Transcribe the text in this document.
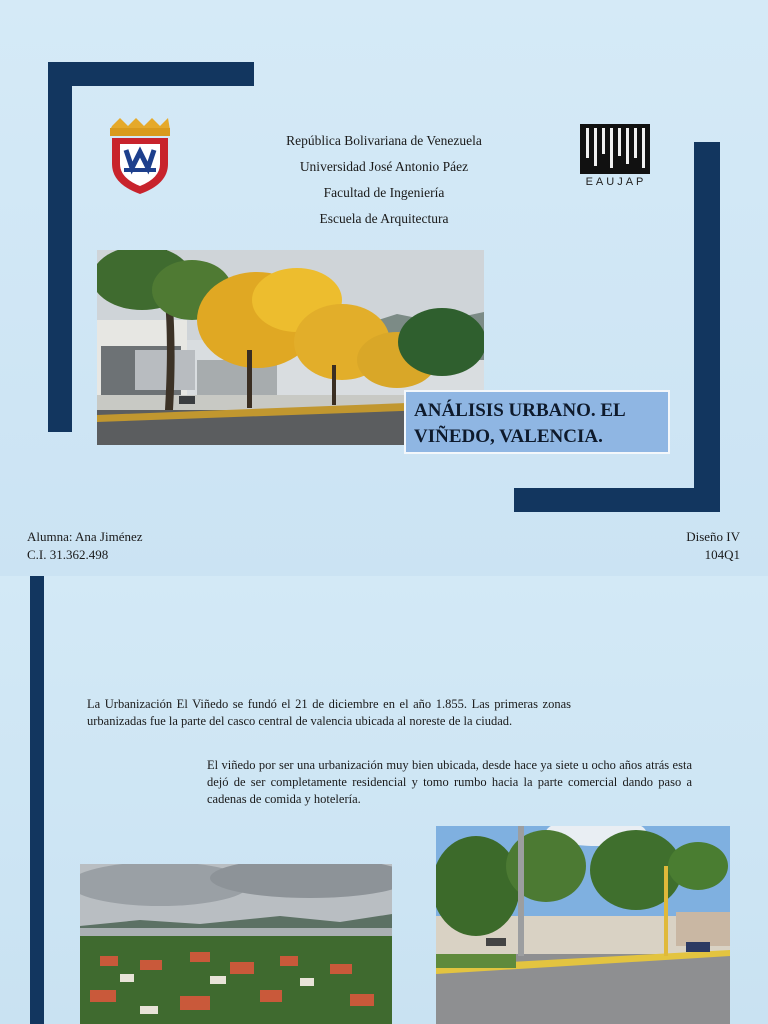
República Bolivariana de Venezuela
Universidad José Antonio Páez
Facultad de Ingeniería
Escuela de Arquitectura
EAUJAP
ANÁLISIS URBANO. EL
VIÑEDO, VALENCIA.
Alumna: Ana Jiménez
C.I. 31.362.498
Diseño IV
104Q1
La Urbanización El Viñedo se fundó el 21 de diciembre en el año 1.855. Las primeras zonas urbanizadas fue la parte del casco central de valencia ubicada al noreste de la ciudad.
El viñedo por ser una urbanización muy bien ubicada, desde hace ya siete u ocho años atrás esta dejó de ser completamente residencial y tomo rumbo hacia la parte comercial dando paso a cadenas de comida y hotelería.
